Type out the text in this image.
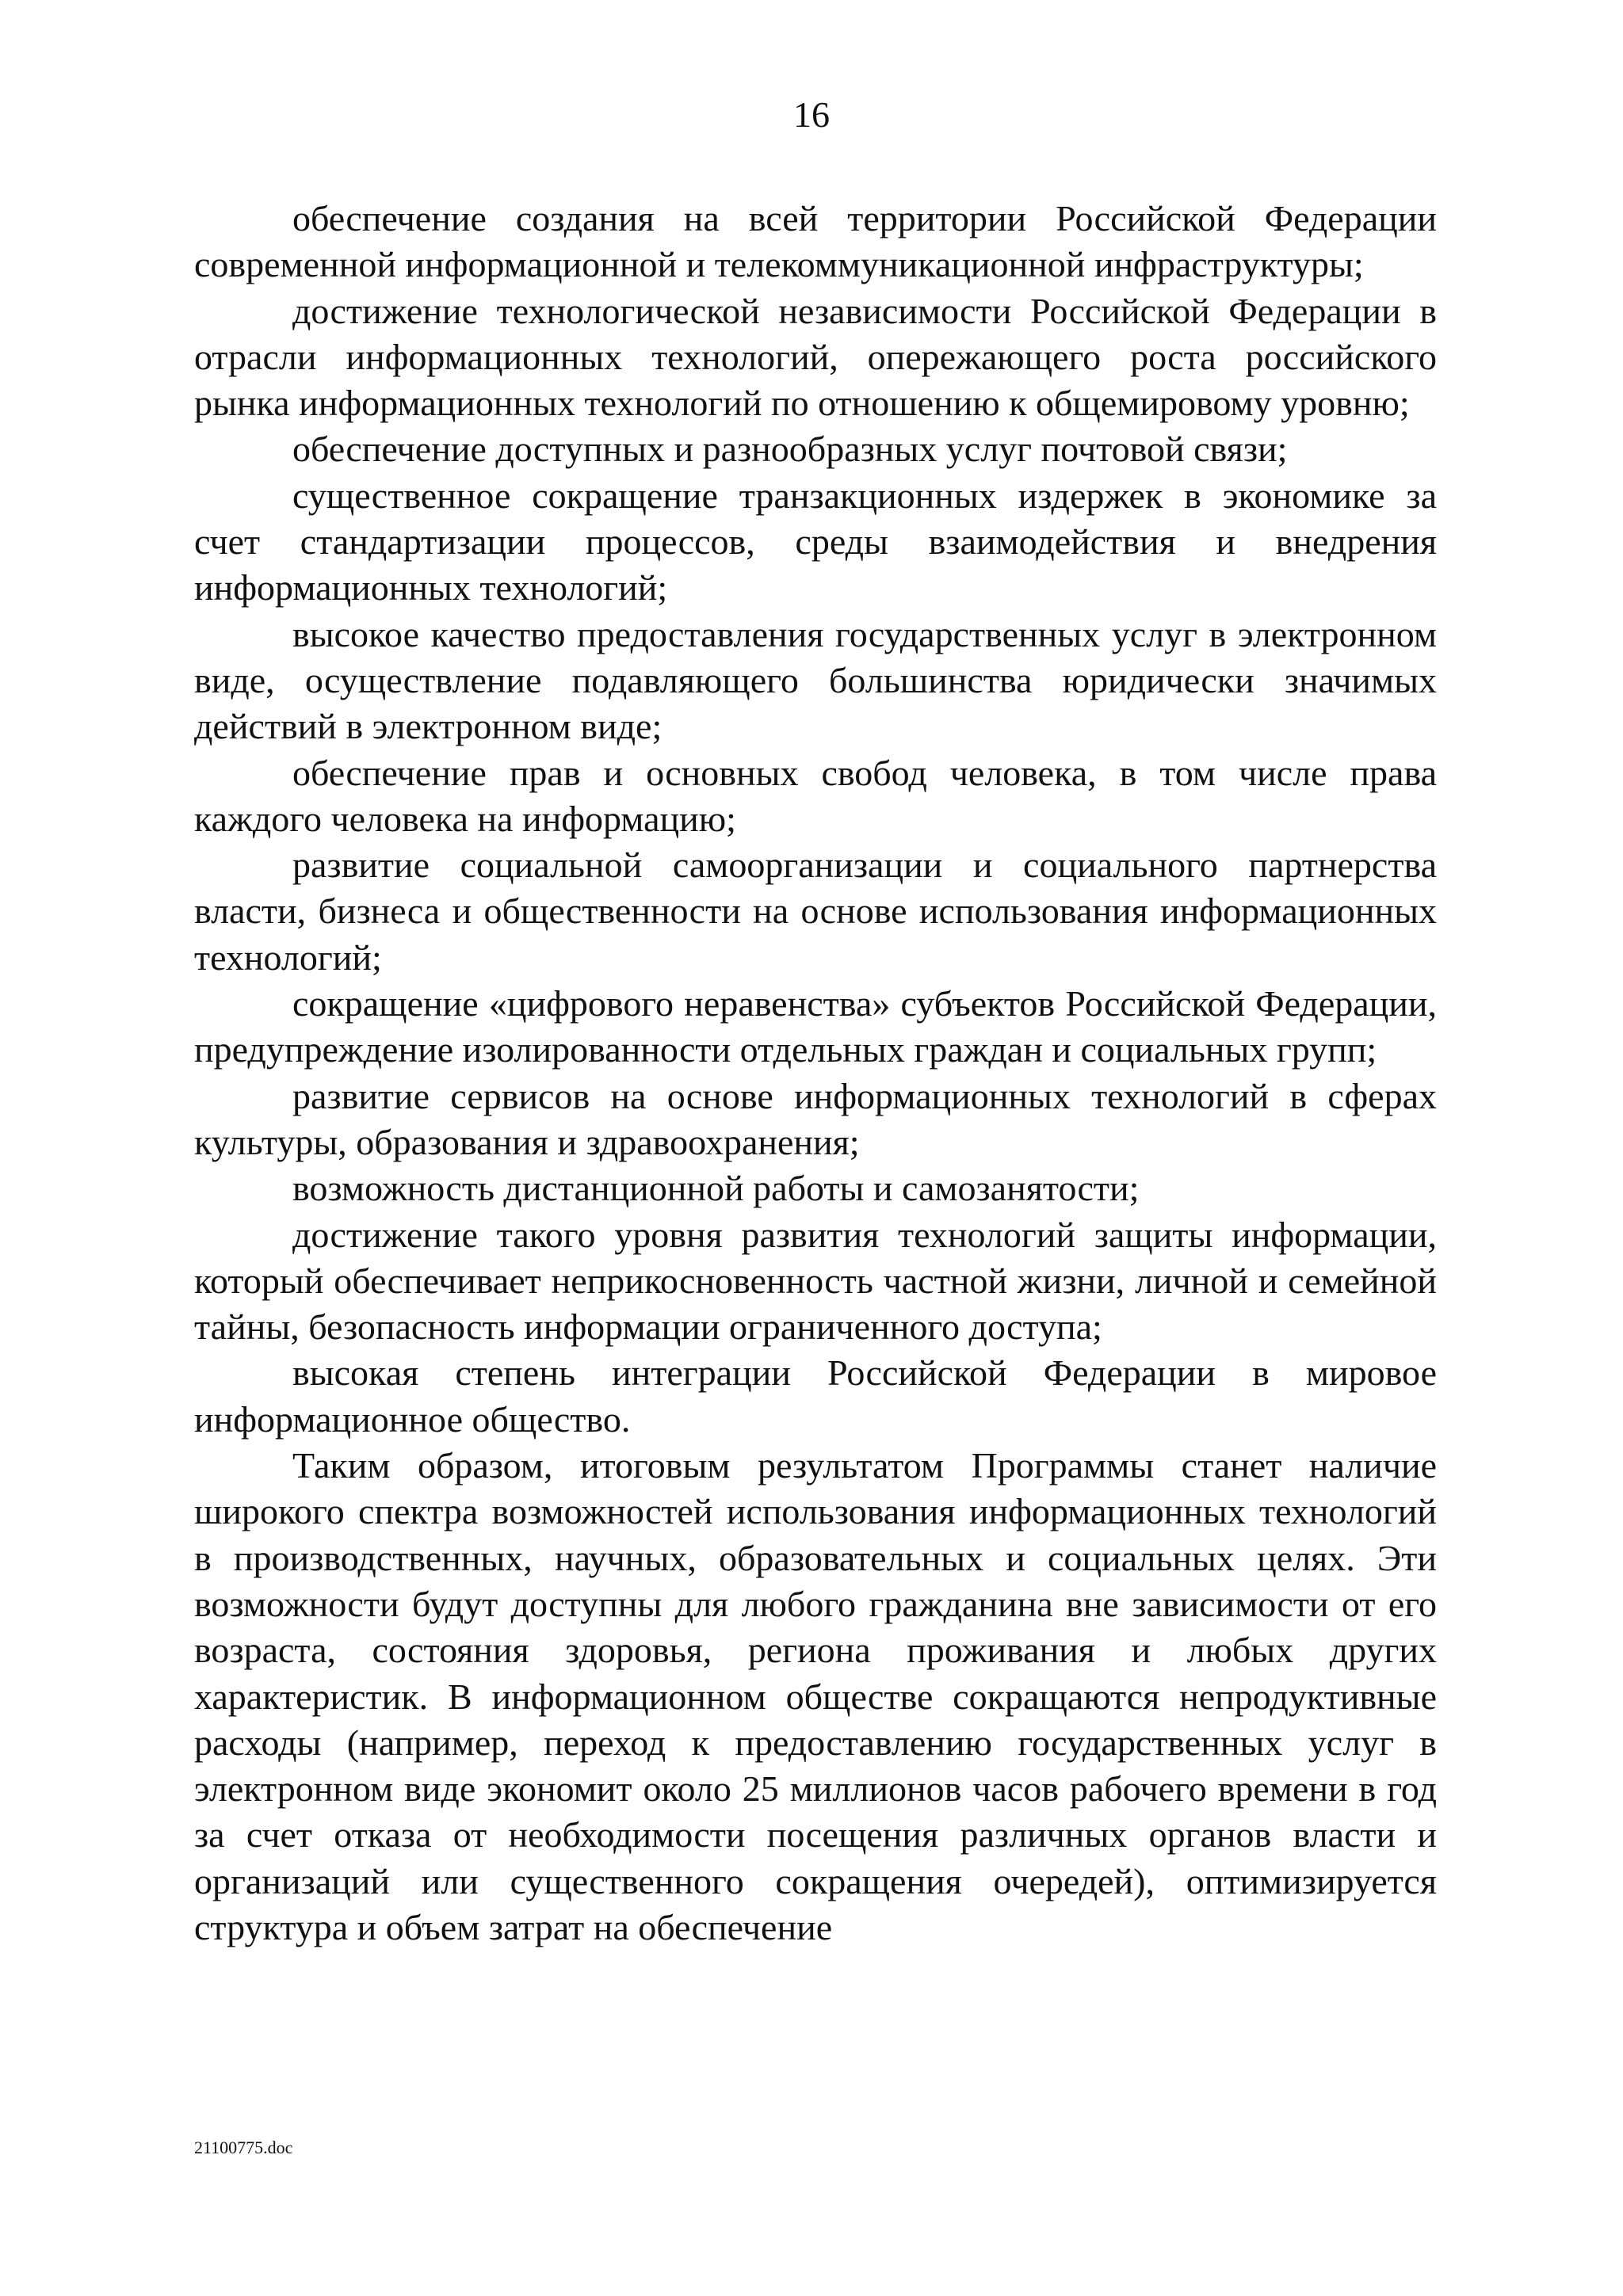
16

обеспечение создания на всей территории Российской Федерации современной информационной и телекоммуникационной инфраструктуры;

достижение технологической независимости Российской Федерации в отрасли информационных технологий, опережающего роста российского рынка информационных технологий по отношению к общемировому уровню;

обеспечение доступных и разнообразных услуг почтовой связи;

существенное сокращение транзакционных издержек в экономике за счет стандартизации процессов, среды взаимодействия и внедрения информационных технологий;

высокое качество предоставления государственных услуг в электронном виде, осуществление подавляющего большинства юридически значимых действий в электронном виде;

обеспечение прав и основных свобод человека, в том числе права каждого человека на информацию;

развитие социальной самоорганизации и социального партнерства власти, бизнеса и общественности на основе использования информационных технологий;

сокращение «цифрового неравенства» субъектов Российской Федерации, предупреждение изолированности отдельных граждан и социальных групп;

развитие сервисов на основе информационных технологий в сферах культуры, образования и здравоохранения;

возможность дистанционной работы и самозанятости;

достижение такого уровня развития технологий защиты информации, который обеспечивает неприкосновенность частной жизни, личной и семейной тайны, безопасность информации ограниченного доступа;

высокая степень интеграции Российской Федерации в мировое информационное общество.

Таким образом, итоговым результатом Программы станет наличие широкого спектра возможностей использования информационных технологий в производственных, научных, образовательных и социальных целях. Эти возможности будут доступны для любого гражданина вне зависимости от его возраста, состояния здоровья, региона проживания и любых других характеристик. В информационном обществе сокращаются непродуктивные расходы (например, переход к предоставлению государственных услуг в электронном виде экономит около 25 миллионов часов рабочего времени в год за счет отказа от необходимости посещения различных органов власти и организаций или существенного сокращения очередей), оптимизируется структура и объем затрат на обеспечение

21100775.doc
